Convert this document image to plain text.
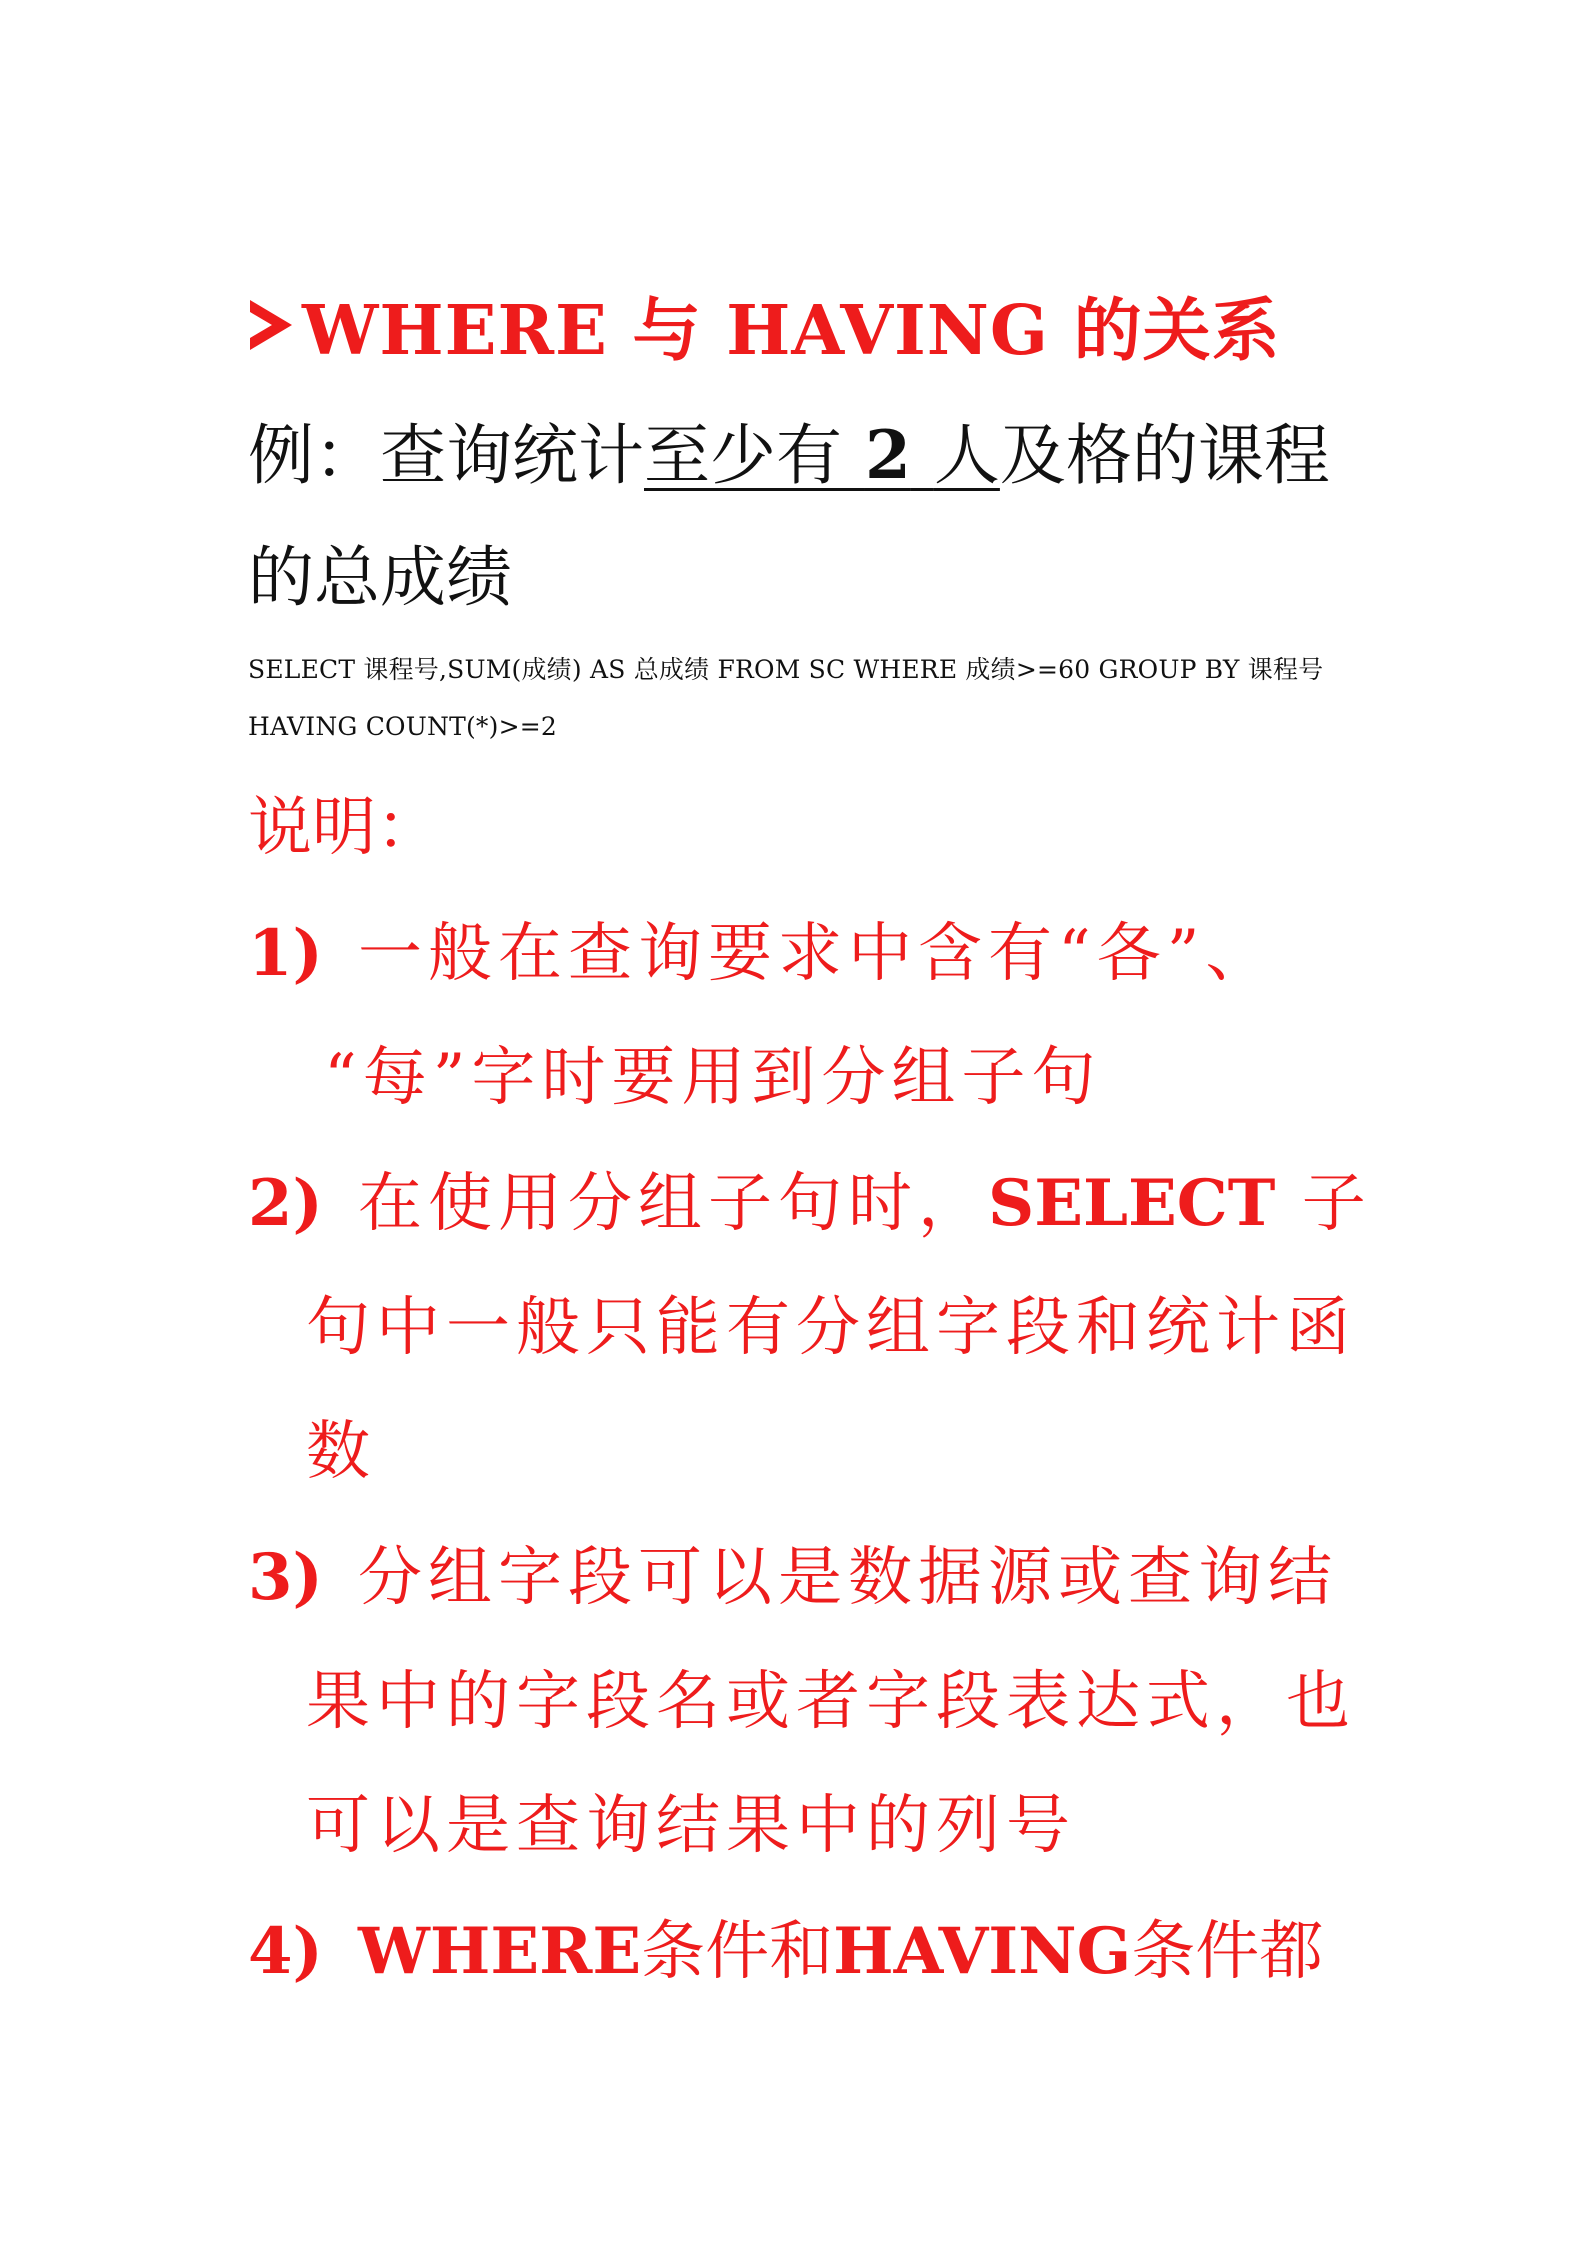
WHERE 与 HAVING 的关系
例：查询统计至少有 2 人及格的课程
的总成绩
SELECT 课程号,SUM(成绩) AS 总成绩 FROM SC WHERE 成绩>=60 GROUP BY 课程号
HAVING COUNT(*)>=2
说明：
1) 一般在查询要求中含有“各”、
“每”字时要用到分组子句
2) 在使用分组子句时，SELECT 子
句中一般只能有分组字段和统计函
数
3) 分组字段可以是数据源或查询结
果中的字段名或者字段表达式，也
可以是查询结果中的列号
4) WHERE条件和HAVING条件都
